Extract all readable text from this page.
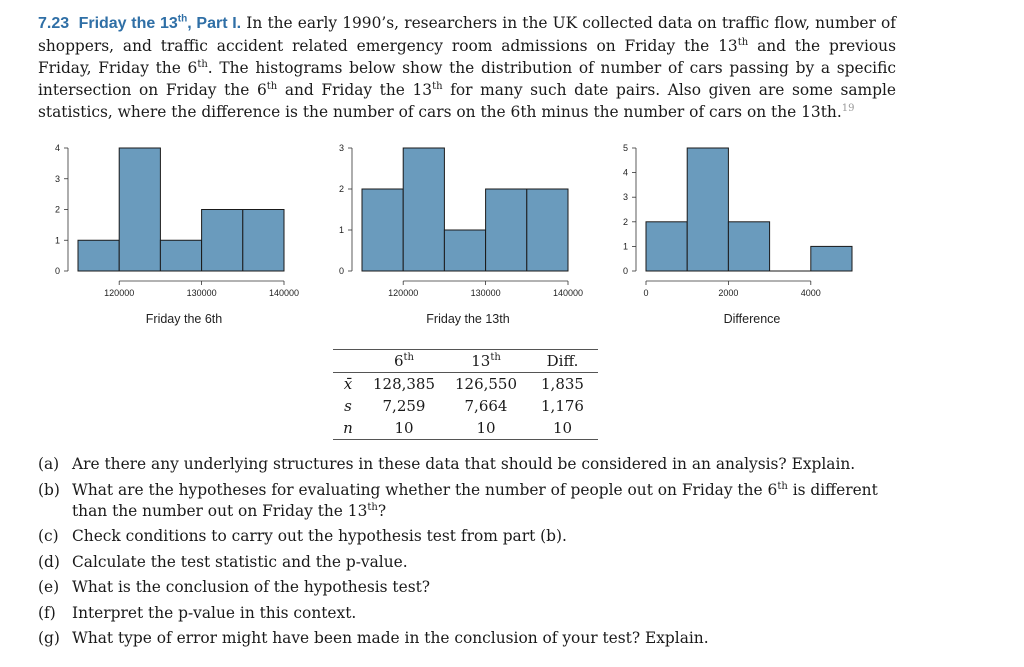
7.23 Friday the 13th, Part I. In the early 1990’s, researchers in the UK collected data on traffic flow, number of shoppers, and traffic accident related emergency room admissions on Friday the 13th and the previous Friday, Friday the 6th. The histograms below show the distribution of number of cars passing by a specific intersection on Friday the 6th and Friday the 13th for many such date pairs. Also given are some sample statistics, where the difference is the number of cars on the 6th minus the number of cars on the 13th.$^{19}$
0
1
2
3
4
120000	130000	140000
Friday the 6th
0
1
2
3
120000	130000	140000
Friday the 13th
0
1
2
3
4
5
0	2000	4000
Difference
	6th	13th	Diff.
x̄	128,385	126,550	1,835
s	7,259	7,664	1,176
n	10	10	10
(a) Are there any underlying structures in these data that should be considered in an analysis? Explain.
(b) What are the hypotheses for evaluating whether the number of people out on Friday the 6th is different than the number out on Friday the 13th?
(c) Check conditions to carry out the hypothesis test from part (b).
(d) Calculate the test statistic and the p-value.
(e) What is the conclusion of the hypothesis test?
(f)	Interpret the p-value in this context.
(g) What type of error might have been made in the conclusion of your test? Explain.
